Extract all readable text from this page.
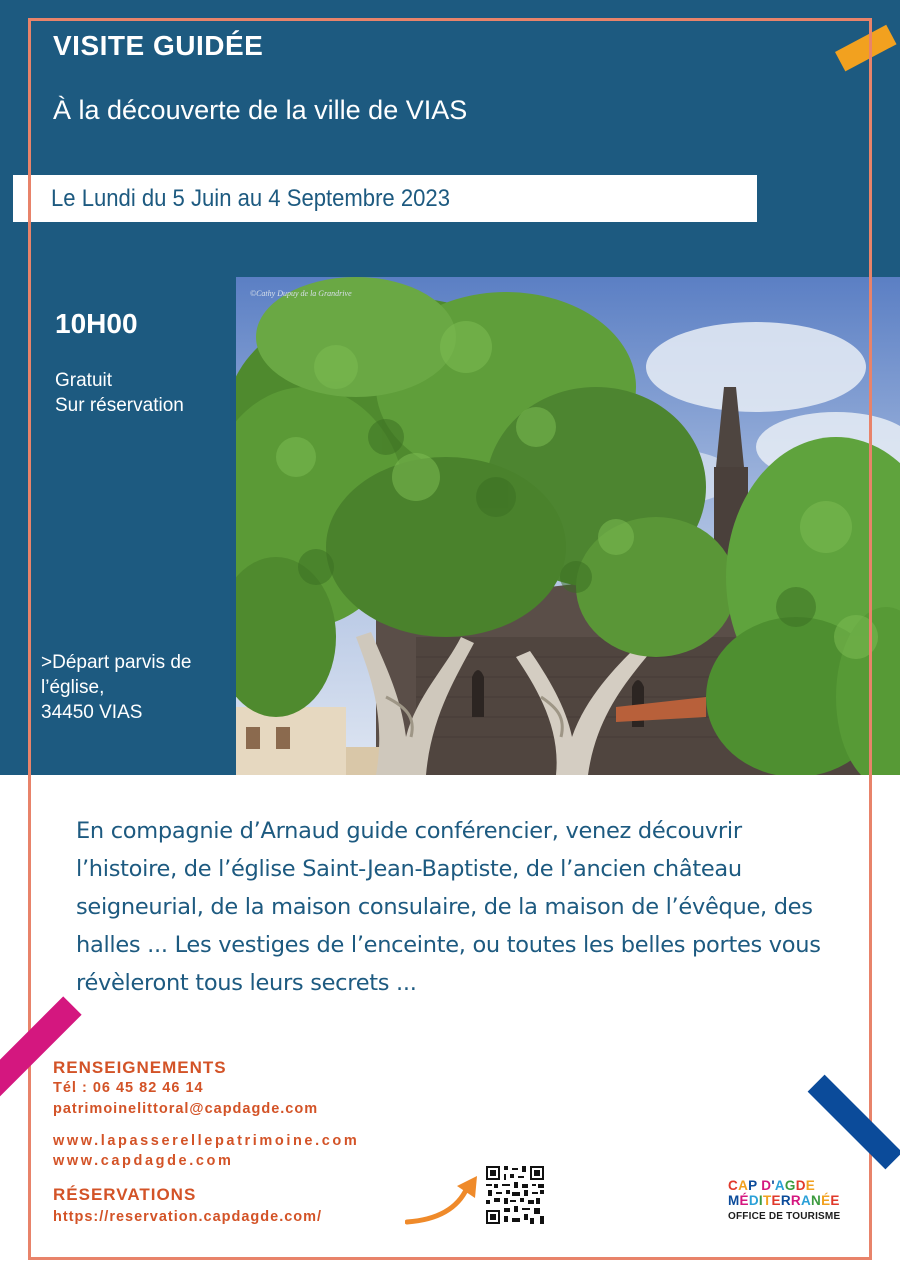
VISITE GUIDÉE
À la découverte de la ville de VIAS
Le Lundi du 5 Juin au 4 Septembre 2023
10H00
Gratuit
Sur réservation
>Départ parvis de
l’église,
34450 VIAS
©Cathy Dupuy de la Grandrive
En compagnie d’Arnaud guide conférencier, venez découvrir l’histoire, de l’église Saint-Jean-Baptiste, de l’ancien château seigneurial, de la maison consulaire, de la maison de l’évêque, des halles ... Les vestiges de l’enceinte, ou toutes les belles portes vous révèleront tous leurs secrets ...
RENSEIGNEMENTS
Tél : 06 45 82 46 14
patrimoinelittoral@capdagde.com
www.lapasserellepatrimoine.com
www.capdagde.com
RÉSERVATIONS
https://reservation.capdagde.com/
CAP D'AGDE
MÉDITERRANÉE
OFFICE DE TOURISME
